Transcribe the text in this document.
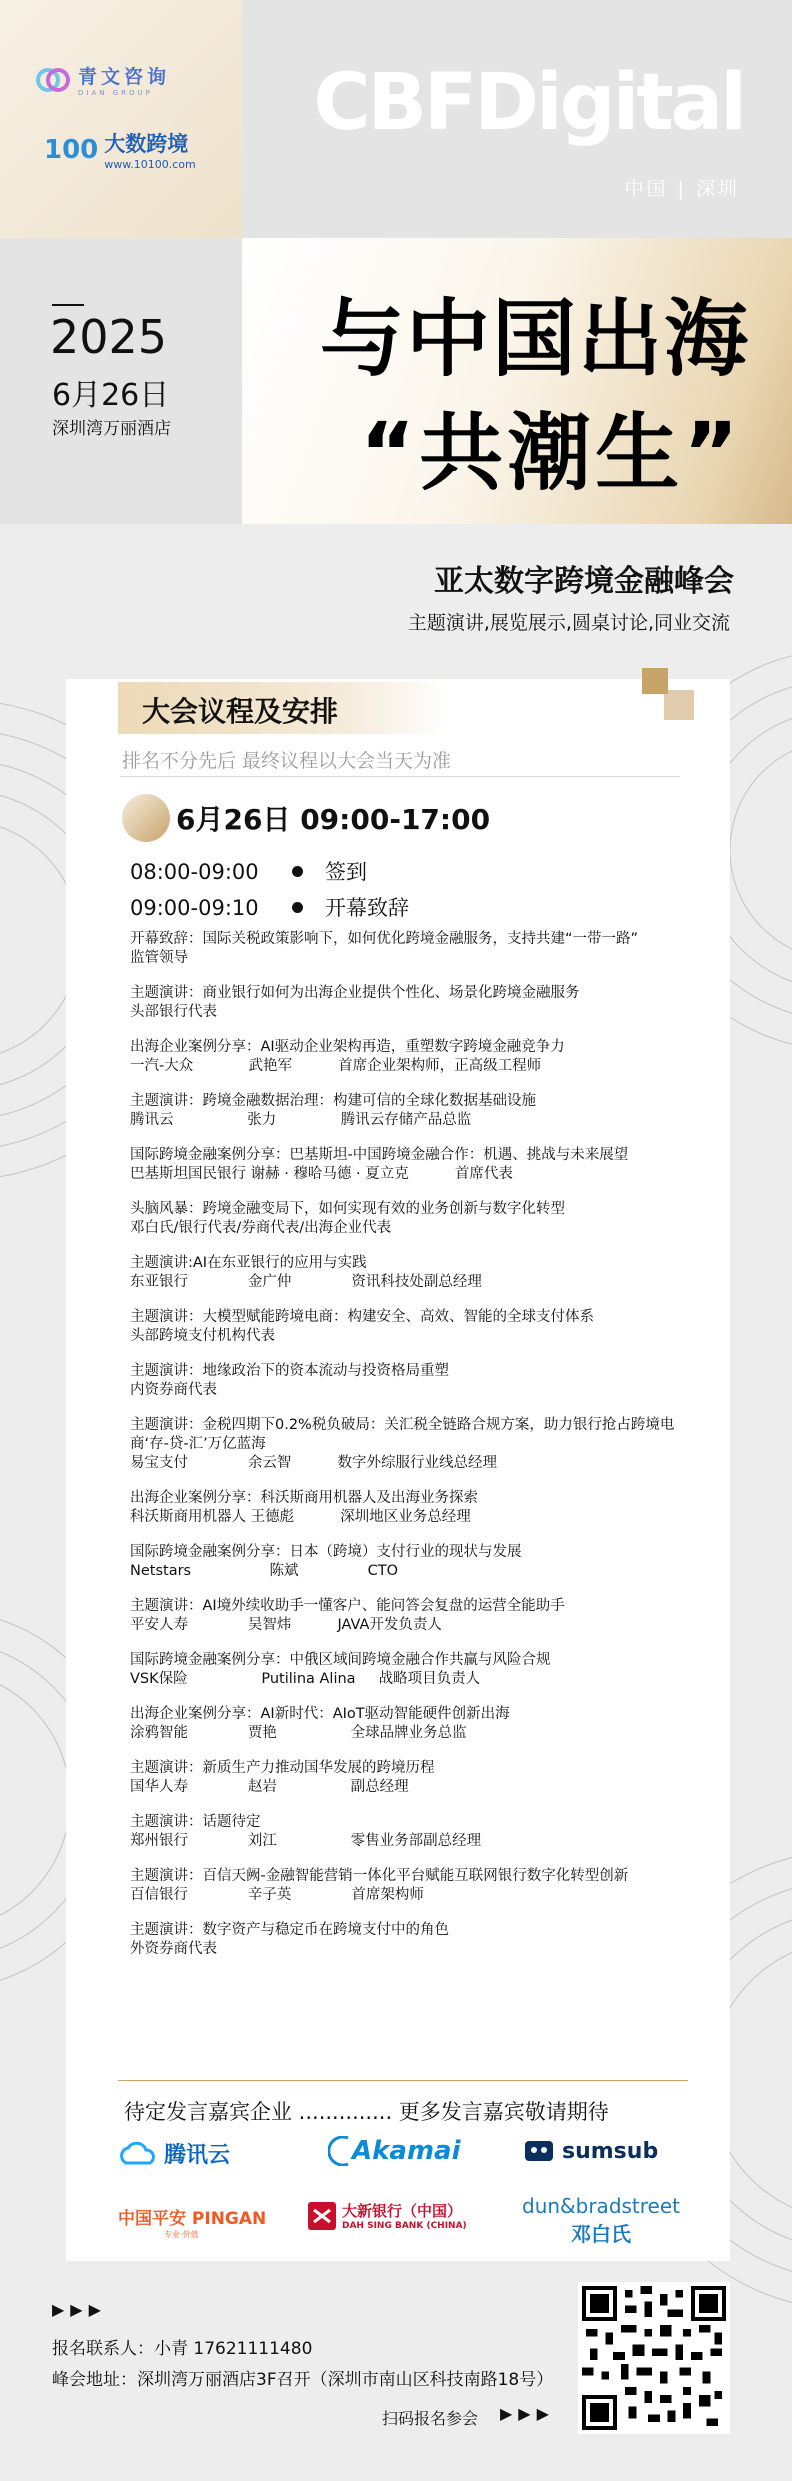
青文咨询
DIAN GROUP
100 大数跨境
www.10100.com
CBFDigital
中国 | 深圳
2025
6月26日
深圳湾万丽酒店
与中国出海
“共潮生”
亚太数字跨境金融峰会
主题演讲,展览展示,圆桌讨论,同业交流
大会议程及安排
排名不分先后 最终议程以大会当天为准
6月26日 09:00-17:00
08:00-09:00	签到
09:00-09:10	开幕致辞
开幕致辞：国际关税政策影响下，如何优化跨境金融服务，支持共建“一带一路”
监管领导
主题演讲：商业银行如何为出海企业提供个性化、场景化跨境金融服务
头部银行代表
出海企业案例分享：AI驱动企业架构再造，重塑数字跨境金融竞争力
一汽-大众            武艳军          首席企业架构师，正高级工程师
主题演讲：跨境金融数据治理：构建可信的全球化数据基础设施
腾讯云                张力              腾讯云存储产品总监
国际跨境金融案例分享：巴基斯坦-中国跨境金融合作：机遇、挑战与未来展望
巴基斯坦国民银行 谢赫 · 穆哈马德 · 夏立克          首席代表
头脑风暴：跨境金融变局下，如何实现有效的业务创新与数字化转型
邓白氏/银行代表/券商代表/出海企业代表
主题演讲:AI在东亚银行的应用与实践
东亚银行             金广仲             资讯科技处副总经理
主题演讲：大模型赋能跨境电商：构建安全、高效、智能的全球支付体系
头部跨境支付机构代表
主题演讲：地缘政治下的资本流动与投资格局重塑
内资券商代表
主题演讲：金税四期下0.2%税负破局：关汇税全链路合规方案，助力银行抢占跨境电商‘存-贷-汇’万亿蓝海
易宝支付             余云智          数字外综服行业线总经理
出海企业案例分享：科沃斯商用机器人及出海业务探索
科沃斯商用机器人 王德彪          深圳地区业务总经理
国际跨境金融案例分享：日本（跨境）支付行业的现状与发展
Netstars                 陈斌               CTO
主题演讲：AI境外续收助手一懂客户、能问答会复盘的运营全能助手
平安人寿             吴智炜          JAVA开发负责人
国际跨境金融案例分享：中俄区域间跨境金融合作共赢与风险合规
VSK保险                Putilina Alina     战略项目负责人
出海企业案例分享：AI新时代：AIoT驱动智能硬件创新出海
涂鸦智能             贾艳                全球品牌业务总监
主题演讲：新质生产力推动国华发展的跨境历程
国华人寿             赵岩                副总经理
主题演讲：话题待定
郑州银行             刘江                零售业务部副总经理
主题演讲：百信天阙-金融智能营销一体化平台赋能互联网银行数字化转型创新
百信银行             辛子英             首席架构师
主题演讲：数字资产与稳定币在跨境支付中的角色
外资券商代表
待定发言嘉宾企业 .............. 更多发言嘉宾敬请期待
腾讯云	Akamai	sumsub
中国平安 PINGAN
专业·价值
大新银行（中国）
DAH SING BANK (CHINA)
dun&bradstreet
邓白氏
▶▶▶
报名联系人：小青 17621111480
峰会地址：深圳湾万丽酒店3F召开（深圳市南山区科技南路18号）
扫码报名参会 ▶▶▶
